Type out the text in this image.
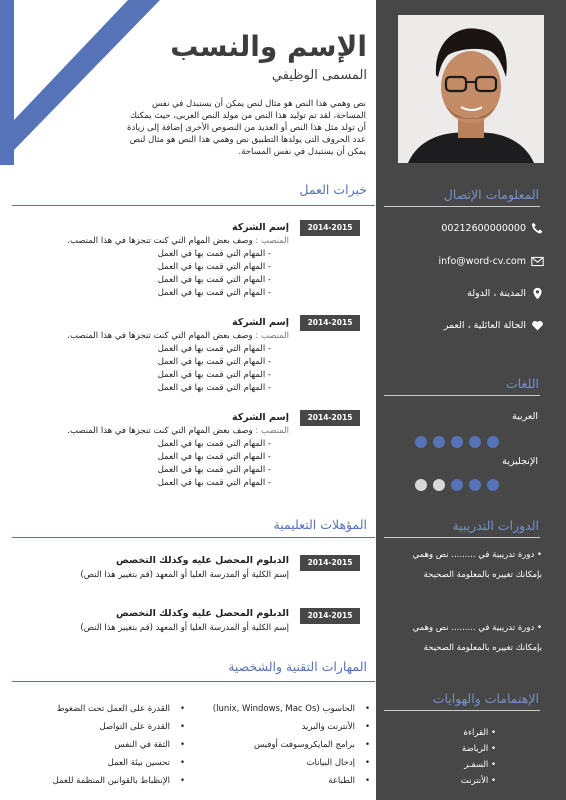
الإسم والنسب
المسمى الوظيفي
نص وهمي هذا النص هو مثال لنص يمكن أن يستبدل في نفس المساحة، لقد تم توليد هذا النص من مولد النص العربى، حيث يمكنك أن تولد مثل هذا النص أو العديد من النصوص الأخرى إضافة إلى زيادة عدد الحروف التى يولدها التطبيق نص وهمي هذا النص هو مثال لنص يمكن أن يستبدل في نفس المساحة.
المعلومات الإتصال
00212600000000
info@word-cv.com
المدينة ، الدولة
الحالة العائلية ، العمر
اللغات
العربية
الإنجليزية
الدورات التدريبية
• دورة تدريبية في ......... نص وهمي بإمكانك تغييره بالمعلومة الصحيحة
• دورة تدريبية في ......... نص وهمي بإمكانك تغييره بالمعلومة الصحيحة
الإهتمامات والهوايات
• القراءة
• الرياضة
• السفـر
• الأنترنت
خبرات العمل
2014-2015
إسم الشركة
المنصب : وصف بعض المهام التي كنت تنجزها في هذا المنصب.
- المهام التي قمت بها في العمل
- المهام التي قمت بها في العمل
- المهام التي قمت بها في العمل
- المهام التي قمت بها في العمل
2014-2015
إسم الشركة
المنصب : وصف بعض المهام التي كنت تنجزها في هذا المنصب.
- المهام التي قمت بها في العمل
- المهام التي قمت بها في العمل
- المهام التي قمت بها في العمل
- المهام التي قمت بها في العمل
2014-2015
إسم الشركة
المنصب : وصف بعض المهام التي كنت تنجزها في هذا المنصب.
- المهام التي قمت بها في العمل
- المهام التي قمت بها في العمل
- المهام التي قمت بها في العمل
- المهام التي قمت بها في العمل
المؤهلات التعليمية
2014-2015
الدبلوم المحصل عليه وكذلك التخصص
إسم الكلية أو المدرسة العليا أو المعهد (قم بتغيير هذا النص)
2014-2015
الدبلوم المحصل عليه وكذلك التخصص
إسم الكلية أو المدرسة العليا أو المعهد (قم بتغيير هذا النص)
المهارات التقنية والشخصية
• الحاسوب (lunix, Windows, Mac Os)
• الأنترنت والبريد
• برامج المايكروسوفت أوفيس
• إدخال البيانات
• الطباعة
• القدرة على العمل تحت الضغوط
• القدرة على التواصل
• الثقة في النفس
• تحسين بيئة العمل
• الإنظباط بالقوانين المنظمة للعمل
